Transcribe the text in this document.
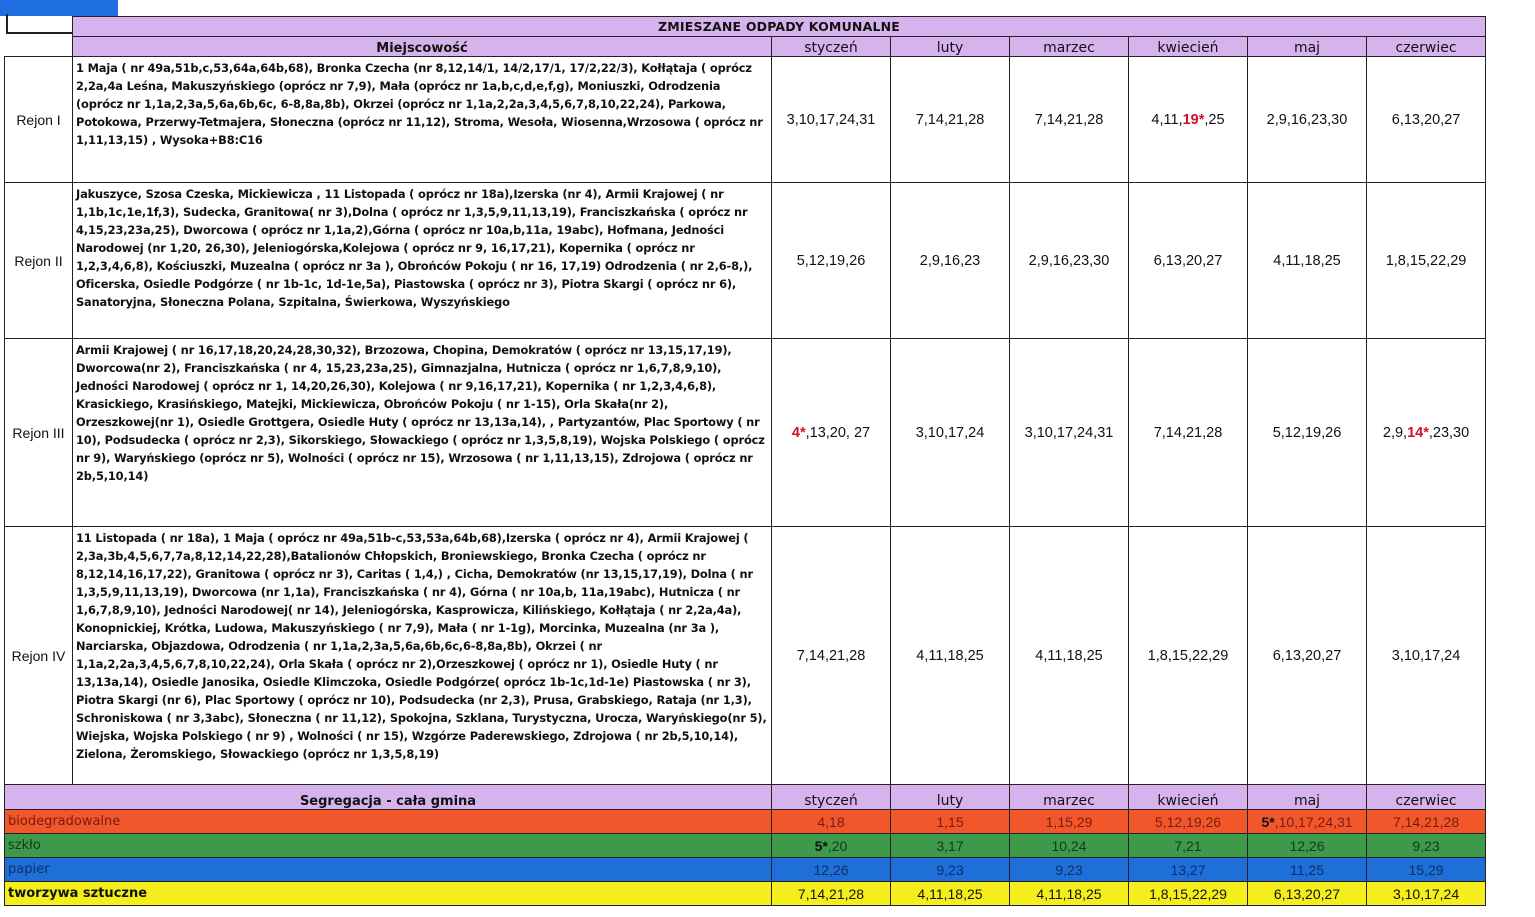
	ZMIESZANE ODPADY KOMUNALNE						
	Miejscowość	styczeń	luty	marzec	kwiecień	maj	czerwiec
Rejon I	1 Maja ( nr 49a,51b,c,53,64a,64b,68), Bronka Czecha (nr 8,12,14/1, 14/2,17/1, 17/2,22/3), Kołłątaja ( oprócz 2,2a,4a Leśna, Makuszyńskiego (oprócz nr 7,9), Mała (oprócz nr 1a,b,c,d,e,f,g), Moniuszki, Odrodzenia (oprócz nr 1,1a,2,3a,5,6a,6b,6c, 6-8,8a,8b), Okrzei (oprócz nr 1,1a,2,2a,3,4,5,6,7,8,10,22,24), Parkowa, Potokowa, Przerwy-Tetmajera, Słoneczna (oprócz nr 11,12), Stroma, Wesoła, Wiosenna,Wrzosowa ( oprócz nr 1,11,13,15) , Wysoka+B8:C16	3,10,17,24,31	7,14,21,28	7,14,21,28	4,11,19*,25	2,9,16,23,30	6,13,20,27
Rejon II	Jakuszyce, Szosa Czeska, Mickiewicza , 11 Listopada ( oprócz nr 18a),Izerska (nr 4), Armii Krajowej ( nr 1,1b,1c,1e,1f,3), Sudecka, Granitowa( nr 3),Dolna ( oprócz nr 1,3,5,9,11,13,19), Franciszkańska ( oprócz nr 4,15,23,23a,25), Dworcowa ( oprócz nr 1,1a,2),Górna ( oprócz nr 10a,b,11a, 19abc), Hofmana, Jedności Narodowej (nr 1,20, 26,30), Jeleniogórska,Kolejowa ( oprócz nr 9, 16,17,21), Kopernika ( oprócz nr 1,2,3,4,6,8), Kościuszki, Muzealna ( oprócz nr 3a ), Obrońców Pokoju ( nr 16, 17,19) Odrodzenia ( nr 2,6-8,), Oficerska, Osiedle Podgórze ( nr 1b-1c, 1d-1e,5a), Piastowska ( oprócz nr 3), Piotra Skargi ( oprócz nr 6), Sanatoryjna, Słoneczna Polana, Szpitalna, Świerkowa, Wyszyńskiego	5,12,19,26	2,9,16,23	2,9,16,23,30	6,13,20,27	4,11,18,25	1,8,15,22,29
Rejon III	Armii Krajowej ( nr 16,17,18,20,24,28,30,32), Brzozowa, Chopina, Demokratów ( oprócz nr 13,15,17,19), Dworcowa(nr 2), Franciszkańska ( nr 4, 15,23,23a,25), Gimnazjalna, Hutnicza ( oprócz nr 1,6,7,8,9,10), Jedności Narodowej ( oprócz nr 1, 14,20,26,30), Kolejowa ( nr 9,16,17,21), Kopernika ( nr 1,2,3,4,6,8), Krasickiego, Krasińskiego, Matejki, Mickiewicza, Obrońców Pokoju ( nr 1-15), Orla Skała(nr 2), Orzeszkowej(nr 1), Osiedle Grottgera, Osiedle Huty ( oprócz nr 13,13a,14), , Partyzantów, Plac Sportowy ( nr 10), Podsudecka ( oprócz nr 2,3), Sikorskiego, Słowackiego ( oprócz nr 1,3,5,8,19), Wojska Polskiego ( oprócz nr 9), Waryńskiego (oprócz nr 5), Wolności ( oprócz nr 15), Wrzosowa ( nr 1,11,13,15), Zdrojowa ( oprócz nr 2b,5,10,14)	4*,13,20, 27	3,10,17,24	3,10,17,24,31	7,14,21,28	5,12,19,26	2,9,14*,23,30
Rejon IV	11 Listopada ( nr 18a), 1 Maja ( oprócz nr 49a,51b-c,53,53a,64b,68),Izerska ( oprócz nr 4), Armii Krajowej ( 2,3a,3b,4,5,6,7,7a,8,12,14,22,28),Batalionów Chłopskich, Broniewskiego, Bronka Czecha ( oprócz nr 8,12,14,16,17,22), Granitowa ( oprócz nr 3), Caritas ( 1,4,) , Cicha, Demokratów (nr 13,15,17,19), Dolna ( nr 1,3,5,9,11,13,19), Dworcowa (nr 1,1a), Franciszkańska ( nr 4), Górna ( nr 10a,b, 11a,19abc), Hutnicza ( nr 1,6,7,8,9,10), Jedności Narodowej( nr 14), Jeleniogórska, Kasprowicza, Kilińskiego, Kołłątaja ( nr 2,2a,4a), Konopnickiej, Krótka, Ludowa, Makuszyńskiego ( nr 7,9), Mała ( nr 1-1g), Morcinka, Muzealna (nr 3a ), Narciarska, Objazdowa, Odrodzenia ( nr 1,1a,2,3a,5,6a,6b,6c,6-8,8a,8b), Okrzei ( nr 1,1a,2,2a,3,4,5,6,7,8,10,22,24), Orla Skała ( oprócz nr 2),Orzeszkowej ( oprócz nr 1), Osiedle Huty ( nr 13,13a,14), Osiedle Janosika, Osiedle Klimczoka, Osiedle Podgórze( oprócz 1b-1c,1d-1e) Piastowska ( nr 3), Piotra Skargi (nr 6), Plac Sportowy ( oprócz nr 10), Podsudecka (nr 2,3), Prusa, Grabskiego, Rataja (nr 1,3), Schroniskowa ( nr 3,3abc), Słoneczna ( nr 11,12), Spokojna, Szklana, Turystyczna, Urocza, Waryńskiego(nr 5), Wiejska, Wojska Polskiego ( nr 9) , Wolności ( nr 15), Wzgórze Paderewskiego, Zdrojowa ( nr 2b,5,10,14), Zielona, Żeromskiego, Słowackiego (oprócz nr 1,3,5,8,19)	7,14,21,28	4,11,18,25	4,11,18,25	1,8,15,22,29	6,13,20,27	3,10,17,24
Segregacja - cała gmina		styczeń	luty	marzec	kwiecień	maj	czerwiec
biodegradowalne		4,18	1,15	1,15,29	5,12,19,26	5*,10,17,24,31	7,14,21,28
szkło		5*,20	3,17	10,24	7,21	12,26	9,23
papier		12,26	9,23	9,23	13,27	11,25	15,29
tworzywa sztuczne		7,14,21,28	4,11,18,25	4,11,18,25	1,8,15,22,29	6,13,20,27	3,10,17,24
